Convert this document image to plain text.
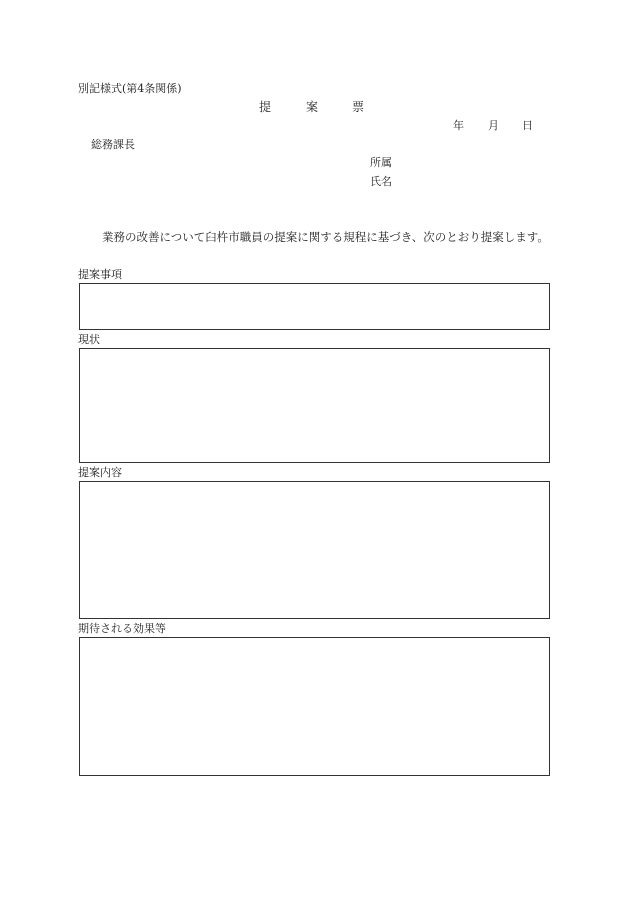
別記様式(第4条関係)
提	案	票
年 月 日
総務課長
所属
氏名
業務の改善について臼杵市職員の提案に関する規程に基づき、次のとおり提案します。
提案事項
現状
提案内容
期待される効果等
